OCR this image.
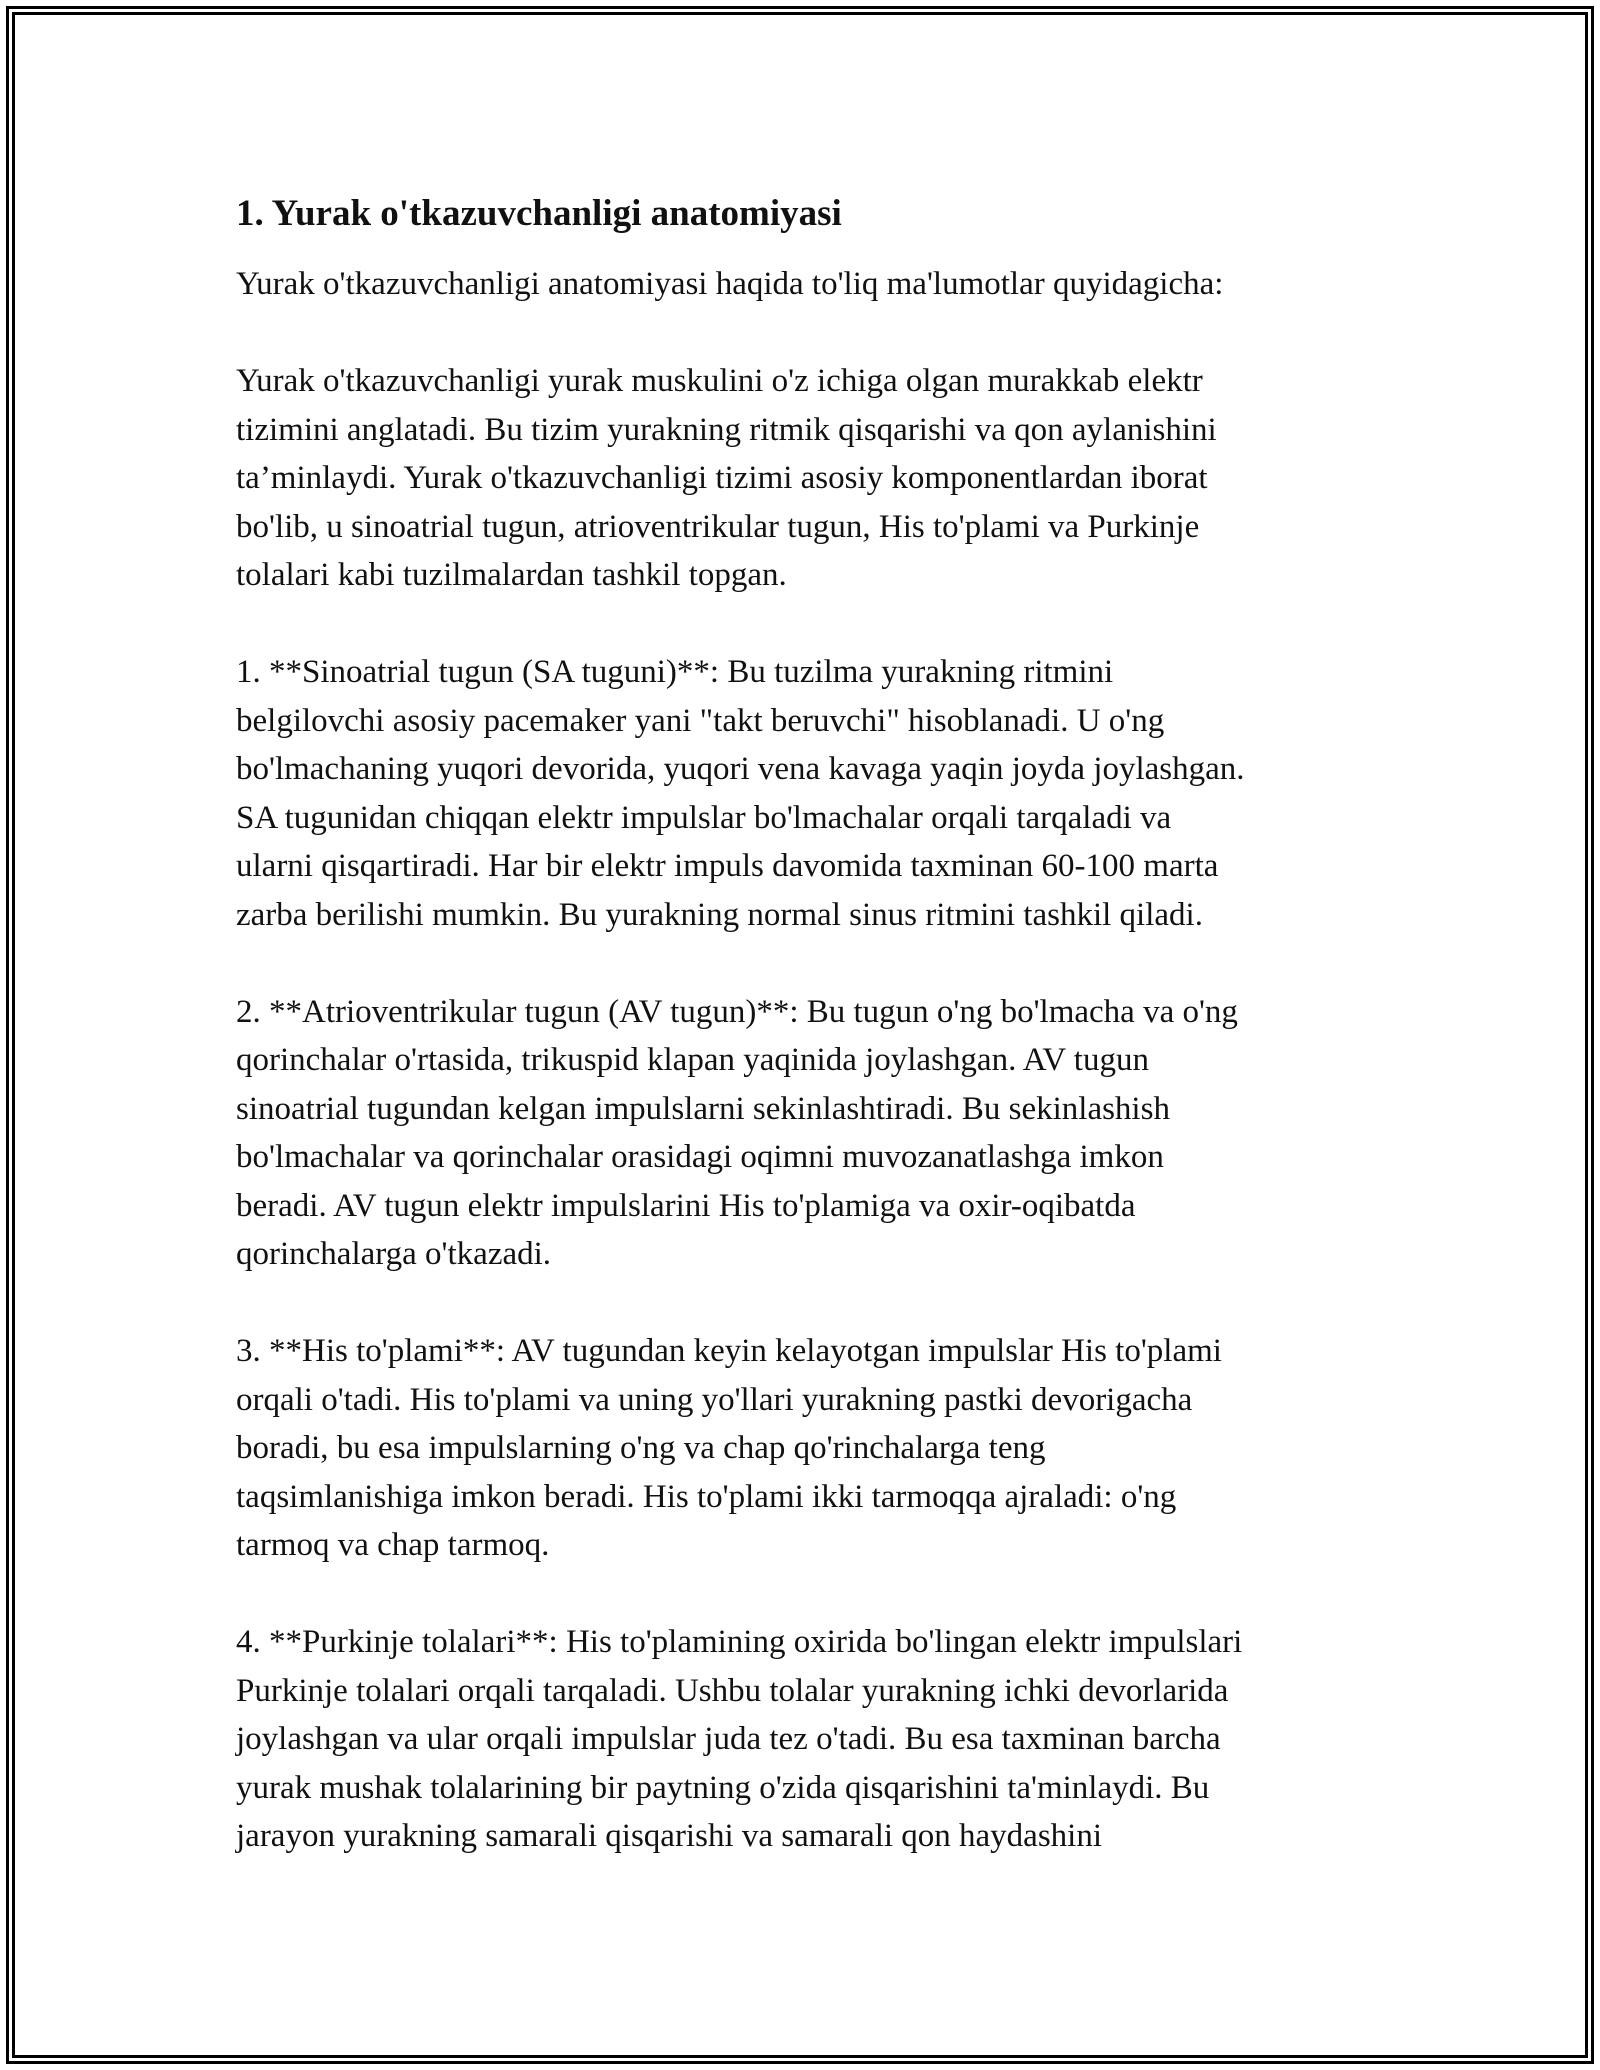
1. Yurak o'tkazuvchanligi anatomiyasi

Yurak o'tkazuvchanligi anatomiyasi haqida to'liq ma'lumotlar quyidagicha:

Yurak o'tkazuvchanligi yurak muskulini o'z ichiga olgan murakkab elektr
tizimini anglatadi. Bu tizim yurakning ritmik qisqarishi va qon aylanishini
ta’minlaydi. Yurak o'tkazuvchanligi tizimi asosiy komponentlardan iborat
bo'lib, u sinoatrial tugun, atrioventrikular tugun, His to'plami va Purkinje
tolalari kabi tuzilmalardan tashkil topgan.
1. **Sinoatrial tugun (SA tuguni)**: Bu tuzilma yurakning ritmini
belgilovchi asosiy pacemaker yani "takt beruvchi" hisoblanadi. U o'ng
bo'lmachaning yuqori devorida, yuqori vena kavaga yaqin joyda joylashgan.
SA tugunidan chiqqan elektr impulslar bo'lmachalar orqali tarqaladi va
ularni qisqartiradi. Har bir elektr impuls davomida taxminan 60-100 marta
zarba berilishi mumkin. Bu yurakning normal sinus ritmini tashkil qiladi.
2. **Atrioventrikular tugun (AV tugun)**: Bu tugun o'ng bo'lmacha va o'ng
qorinchalar o'rtasida, trikuspid klapan yaqinida joylashgan. AV tugun
sinoatrial tugundan kelgan impulslarni sekinlashtiradi. Bu sekinlashish
bo'lmachalar va qorinchalar orasidagi oqimni muvozanatlashga imkon
beradi. AV tugun elektr impulslarini His to'plamiga va oxir-oqibatda
qorinchalarga o'tkazadi.
3. **His to'plami**: AV tugundan keyin kelayotgan impulslar His to'plami
orqali o'tadi. His to'plami va uning yo'llari yurakning pastki devorigacha
boradi, bu esa impulslarning o'ng va chap qo'rinchalarga teng
taqsimlanishiga imkon beradi. His to'plami ikki tarmoqqa ajraladi: o'ng
tarmoq va chap tarmoq.
4. **Purkinje tolalari**: His to'plamining oxirida bo'lingan elektr impulslari
Purkinje tolalari orqali tarqaladi. Ushbu tolalar yurakning ichki devorlarida
joylashgan va ular orqali impulslar juda tez o'tadi. Bu esa taxminan barcha
yurak mushak tolalarining bir paytning o'zida qisqarishini ta'minlaydi. Bu
jarayon yurakning samarali qisqarishi va samarali qon haydashini
